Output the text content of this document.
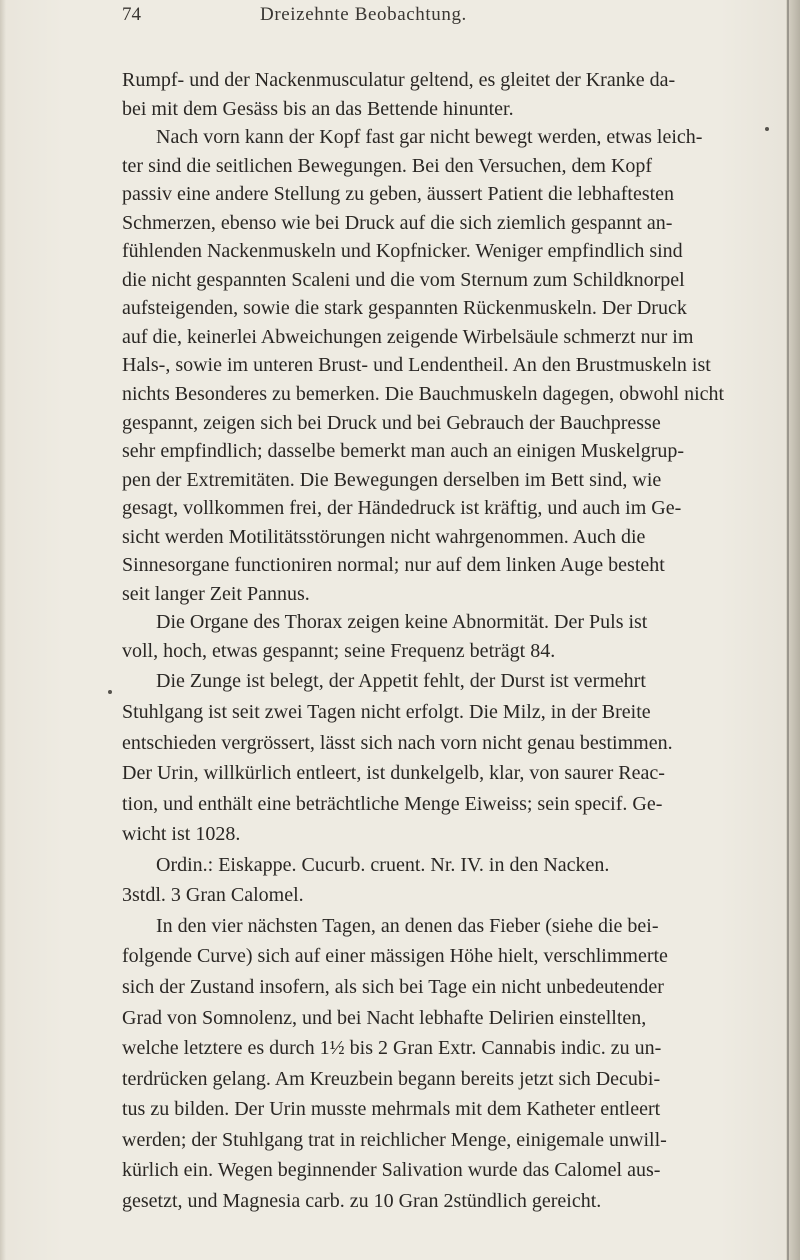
74	Dreizehnte Beobachtung.
Rumpf- und der Nackenmusculatur geltend, es gleitet der Kranke da-
bei mit dem Gesäss bis an das Bettende hinunter.
Nach vorn kann der Kopf fast gar nicht bewegt werden, etwas leich-
ter sind die seitlichen Bewegungen. Bei den Versuchen, dem Kopf
passiv eine andere Stellung zu geben, äussert Patient die lebhaftesten
Schmerzen, ebenso wie bei Druck auf die sich ziemlich gespannt an-
fühlenden Nackenmuskeln und Kopfnicker. Weniger empfindlich sind
die nicht gespannten Scaleni und die vom Sternum zum Schildknorpel
aufsteigenden, sowie die stark gespannten Rückenmuskeln. Der Druck
auf die, keinerlei Abweichungen zeigende Wirbelsäule schmerzt nur im
Hals-, sowie im unteren Brust- und Lendentheil. An den Brustmuskeln ist
nichts Besonderes zu bemerken. Die Bauchmuskeln dagegen, obwohl nicht
gespannt, zeigen sich bei Druck und bei Gebrauch der Bauchpresse
sehr empfindlich; dasselbe bemerkt man auch an einigen Muskelgrup-
pen der Extremitäten. Die Bewegungen derselben im Bett sind, wie
gesagt, vollkommen frei, der Händedruck ist kräftig, und auch im Ge-
sicht werden Motilitätsstörungen nicht wahrgenommen. Auch die
Sinnesorgane functioniren normal; nur auf dem linken Auge besteht
seit langer Zeit Pannus.
Die Organe des Thorax zeigen keine Abnormität. Der Puls ist
voll, hoch, etwas gespannt; seine Frequenz beträgt 84.
Die Zunge ist belegt, der Appetit fehlt, der Durst ist vermehrt
Stuhlgang ist seit zwei Tagen nicht erfolgt. Die Milz, in der Breite
entschieden vergrössert, lässt sich nach vorn nicht genau bestimmen.
Der Urin, willkürlich entleert, ist dunkelgelb, klar, von saurer Reac-
tion, und enthält eine beträchtliche Menge Eiweiss; sein specif. Ge-
wicht ist 1028.
Ordin.: Eiskappe. Cucurb. cruent. Nr. IV. in den Nacken.
3stdl. 3 Gran Calomel.
In den vier nächsten Tagen, an denen das Fieber (siehe die bei-
folgende Curve) sich auf einer mässigen Höhe hielt, verschlimmerte
sich der Zustand insofern, als sich bei Tage ein nicht unbedeutender
Grad von Somnolenz, und bei Nacht lebhafte Delirien einstellten,
welche letztere es durch 1½ bis 2 Gran Extr. Cannabis indic. zu un-
terdrücken gelang. Am Kreuzbein begann bereits jetzt sich Decubi-
tus zu bilden. Der Urin musste mehrmals mit dem Katheter entleert
werden; der Stuhlgang trat in reichlicher Menge, einigemale unwill-
kürlich ein. Wegen beginnender Salivation wurde das Calomel aus-
gesetzt, und Magnesia carb. zu 10 Gran 2stündlich gereicht.
